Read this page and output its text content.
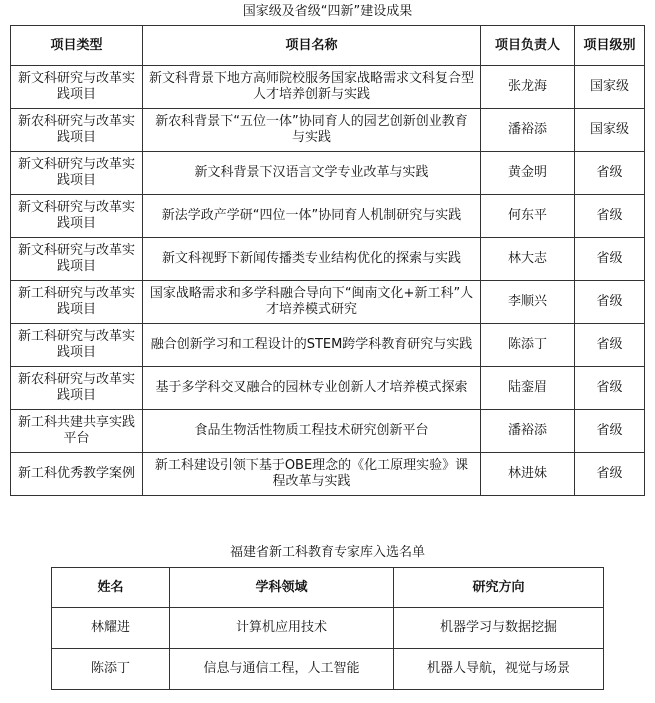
国家级及省级“四新”建设成果
项目类型	项目名称	项目负责人	项目级别
新文科研究与改革实践项目	新文科背景下地方高师院校服务国家战略需求文科复合型人才培养创新与实践	张龙海	国家级
新农科研究与改革实践项目	新农科背景下“五位一体”协同育人的园艺创新创业教育与实践	潘裕添	国家级
新文科研究与改革实践项目	新文科背景下汉语言文学专业改革与实践	黄金明	省级
新文科研究与改革实践项目	新法学政产学研“四位一体”协同育人机制研究与实践	何东平	省级
新文科研究与改革实践项目	新文科视野下新闻传播类专业结构优化的探索与实践	林大志	省级
新工科研究与改革实践项目	国家战略需求和多学科融合导向下“闽南文化+新工科”人才培养模式研究	李顺兴	省级
新工科研究与改革实践项目	融合创新学习和工程设计的STEM跨学科教育研究与实践	陈添丁	省级
新农科研究与改革实践项目	基于多学科交叉融合的园林专业创新人才培养模式探索	陆銮眉	省级
新工科共建共享实践平台	食品生物活性物质工程技术研究创新平台	潘裕添	省级
新工科优秀教学案例	新工科建设引领下基于OBE理念的《化工原理实验》课程改革与实践	林进妹	省级
福建省新工科教育专家库入选名单
姓名	学科领域	研究方向
林耀进	计算机应用技术	机器学习与数据挖掘
陈添丁	信息与通信工程，人工智能	机器人导航，视觉与场景
